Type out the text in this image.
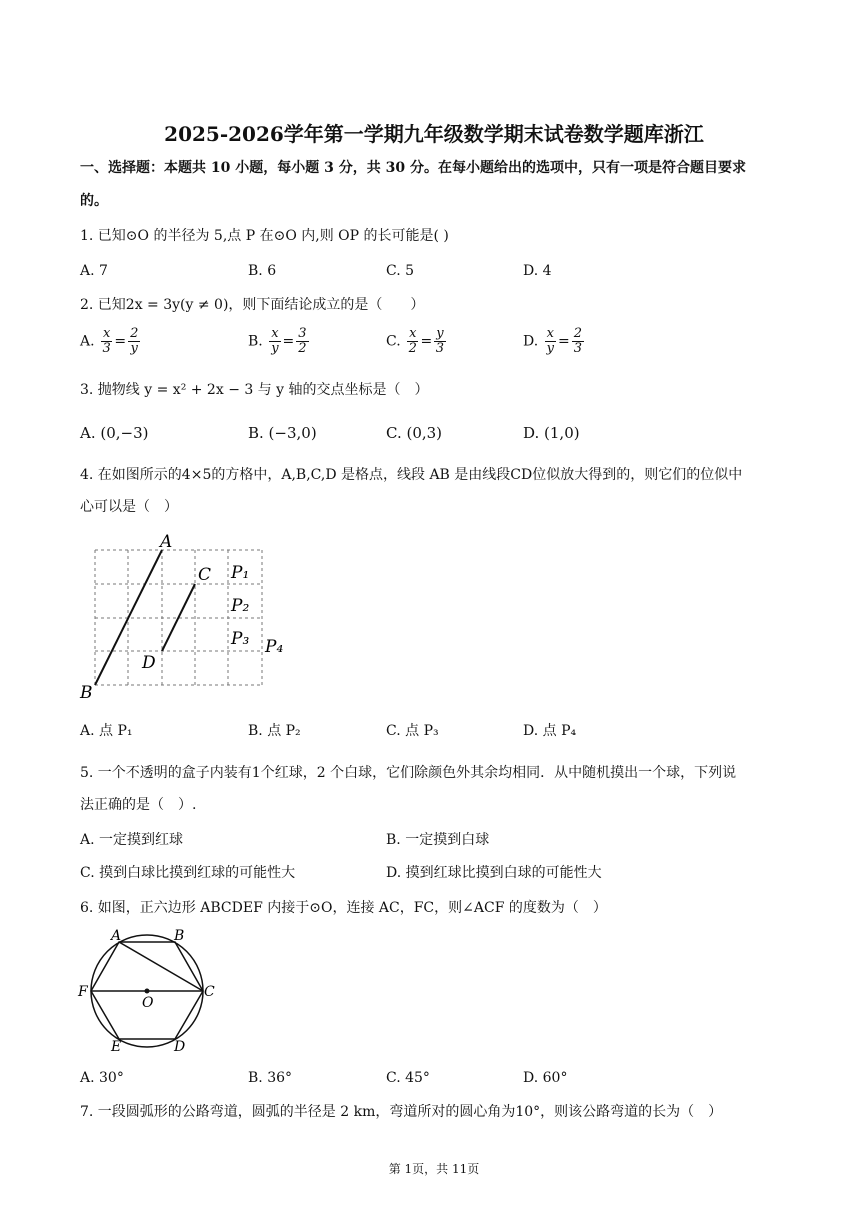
2025-2026学年第一学期九年级数学期末试卷数学题库浙江
一、选择题：本题共 10 小题，每小题 3 分，共 30 分。在每小题给出的选项中，只有一项是符合题目要求
的。
1. 已知⊙O 的半径为 5,点 P 在⊙O 内,则 OP 的长可能是( )
A. 7	B. 6	C. 5	D. 4
2. 已知2x = 3y(y ≠ 0)，则下面结论成立的是（　　）
A. $\frac{x}{3} = \frac{2}{y}$	B. $\frac{x}{y} = \frac{3}{2}$	C. $\frac{x}{2} = \frac{y}{3}$	D. $\frac{x}{y} = \frac{2}{3}$
3. 抛物线 y = x² + 2x − 3 与 y 轴的交点坐标是（　）
A. (0,−3)	B. (−3,0)	C. (0,3)	D. (1,0)
4. 在如图所示的4×5的方格中，A,B,C,D 是格点，线段 AB 是由线段CD位似放大得到的，则它们的位似中
心可以是（　）
A
B
C
D
P₁
P₂
P₃ P₄
A. 点 P₁	B. 点 P₂	C. 点 P₃	D. 点 P₄
5. 一个不透明的盒子内装有1个红球，2 个白球，它们除颜色外其余均相同．从中随机摸出一个球，下列说
法正确的是（　）.
A. 一定摸到红球	B. 一定摸到白球
C. 摸到白球比摸到红球的可能性大	D. 摸到红球比摸到白球的可能性大
6. 如图，正六边形 ABCDEF 内接于⊙O，连接 AC，FC，则∠ACF 的度数为（　）
A	B
C
D
E
F
O
A. 30°	B. 36°	C. 45°	D. 60°
7. 一段圆弧形的公路弯道，圆弧的半径是 2 km，弯道所对的圆心角为10°，则该公路弯道的长为（　）
第 1页，共 11页
